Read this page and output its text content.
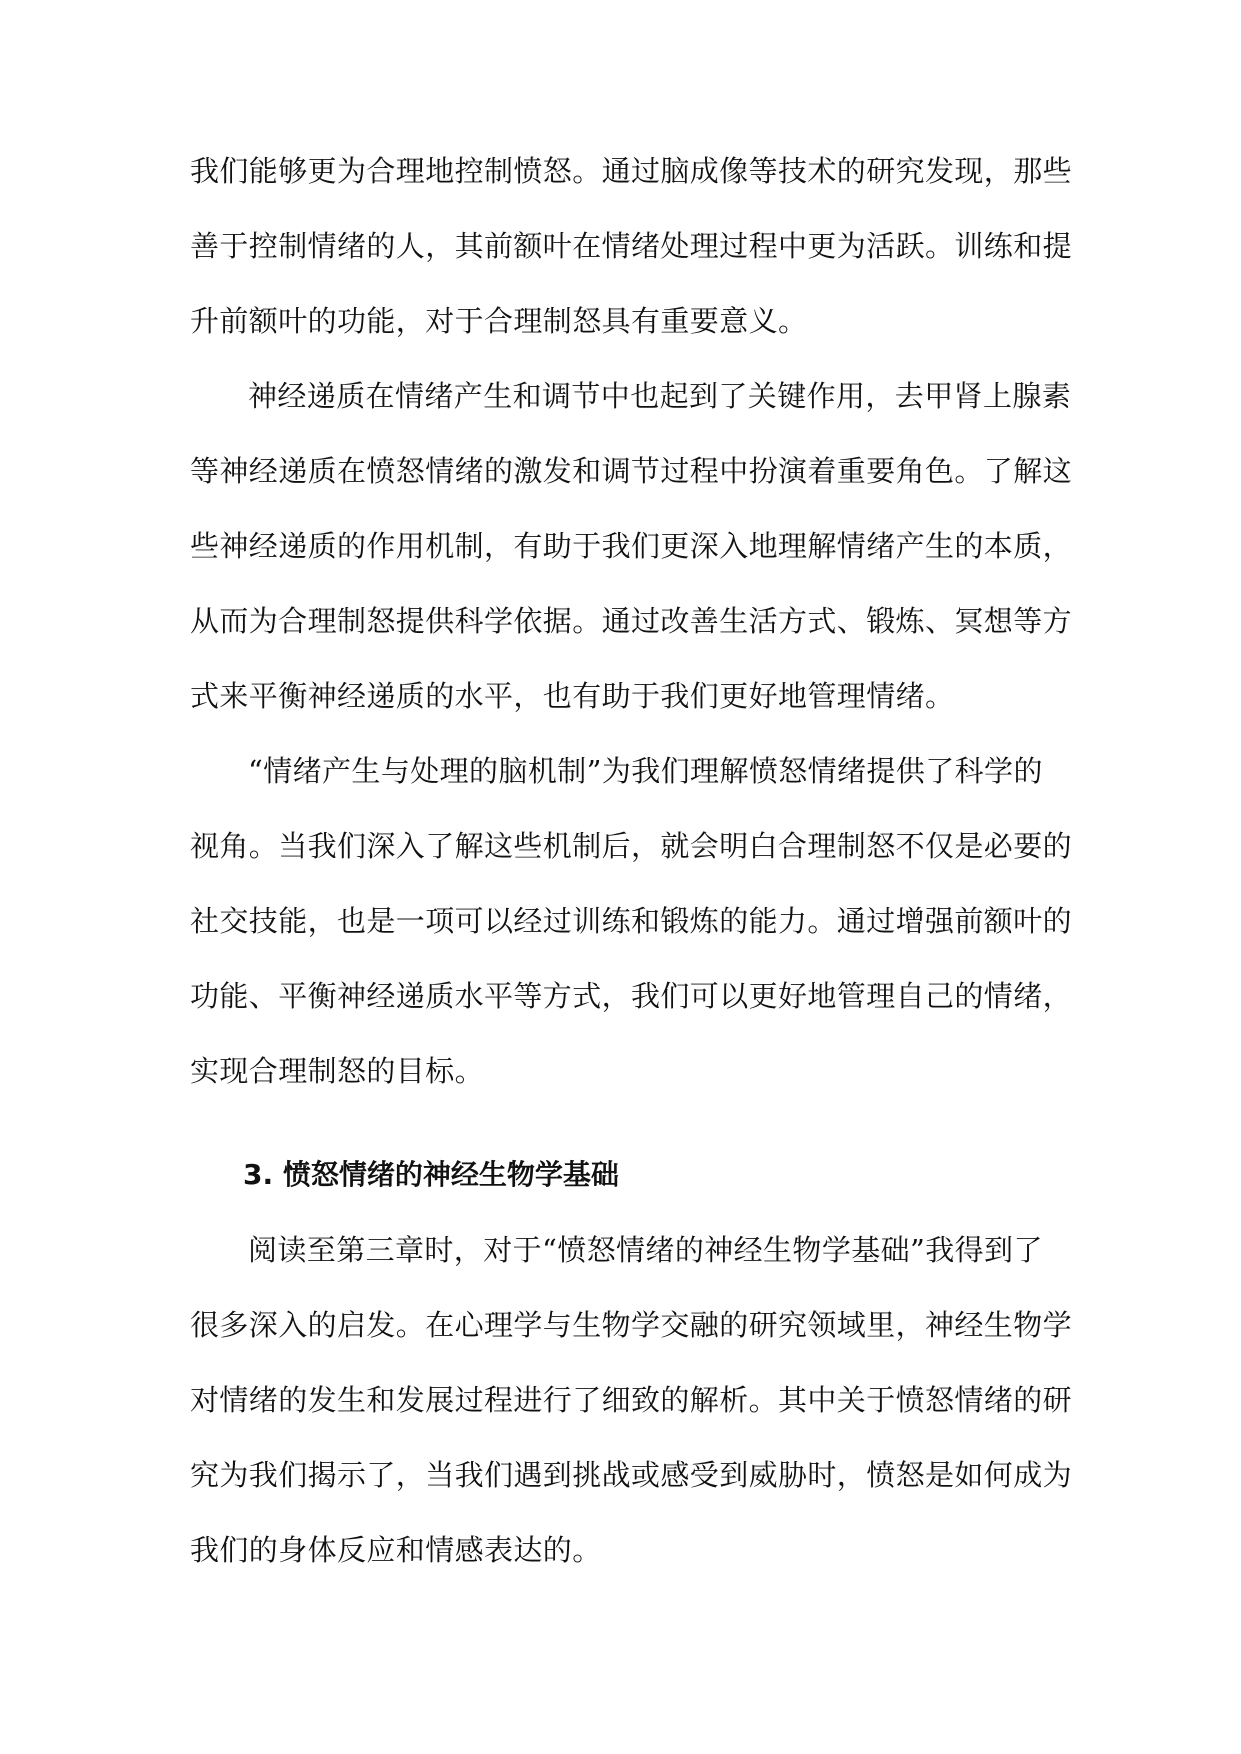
我们能够更为合理地控制愤怒。通过脑成像等技术的研究发现，那些
善于控制情绪的人，其前额叶在情绪处理过程中更为活跃。训练和提
升前额叶的功能，对于合理制怒具有重要意义。
神经递质在情绪产生和调节中也起到了关键作用，去甲肾上腺素
等神经递质在愤怒情绪的激发和调节过程中扮演着重要角色。了解这
些神经递质的作用机制，有助于我们更深入地理解情绪产生的本质，
从而为合理制怒提供科学依据。通过改善生活方式、锻炼、冥想等方
式来平衡神经递质的水平，也有助于我们更好地管理情绪。
“情绪产生与处理的脑机制”为我们理解愤怒情绪提供了科学的
视角。当我们深入了解这些机制后，就会明白合理制怒不仅是必要的
社交技能，也是一项可以经过训练和锻炼的能力。通过增强前额叶的
功能、平衡神经递质水平等方式，我们可以更好地管理自己的情绪，
实现合理制怒的目标。
3. 愤怒情绪的神经生物学基础
阅读至第三章时，对于“愤怒情绪的神经生物学基础”我得到了
很多深入的启发。在心理学与生物学交融的研究领域里，神经生物学
对情绪的发生和发展过程进行了细致的解析。其中关于愤怒情绪的研
究为我们揭示了，当我们遇到挑战或感受到威胁时，愤怒是如何成为
我们的身体反应和情感表达的。
